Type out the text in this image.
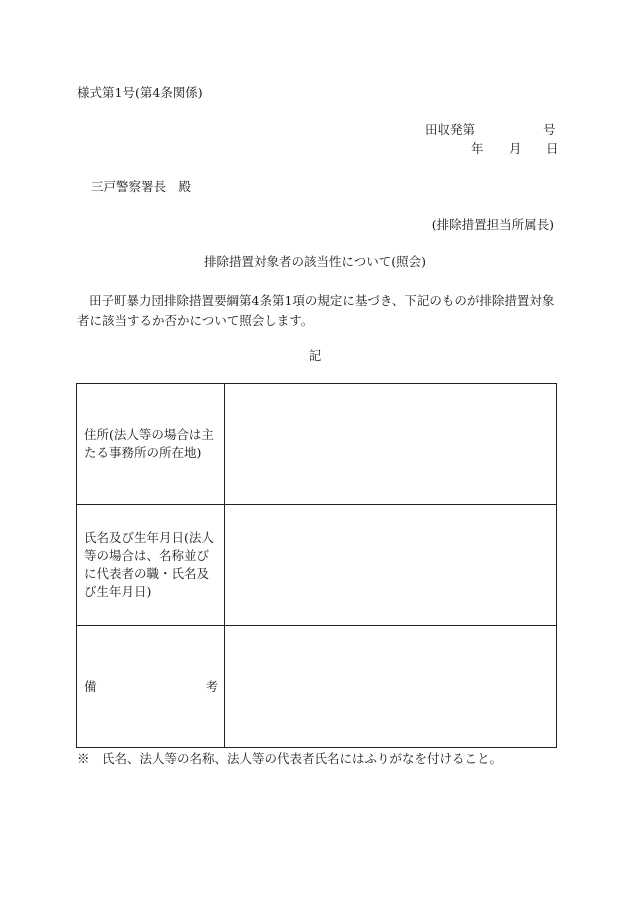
様式第1号(第4条関係)
田収発第	号
年 月 日
三戸警察署長　殿
(排除措置担当所属長)
排除措置対象者の該当性について(照会)
田子町暴力団排除措置要綱第4条第1項の規定に基づき、下記のものが排除措置対象者に該当するか否かについて照会します。
記
住所(法人等の場合は主たる事務所の所在地)	
氏名及び生年月日(法人等の場合は、名称並びに代表者の職・氏名及び生年月日)	

備 考	

※　氏名、法人等の名称、法人等の代表者氏名にはふりがなを付けること。
